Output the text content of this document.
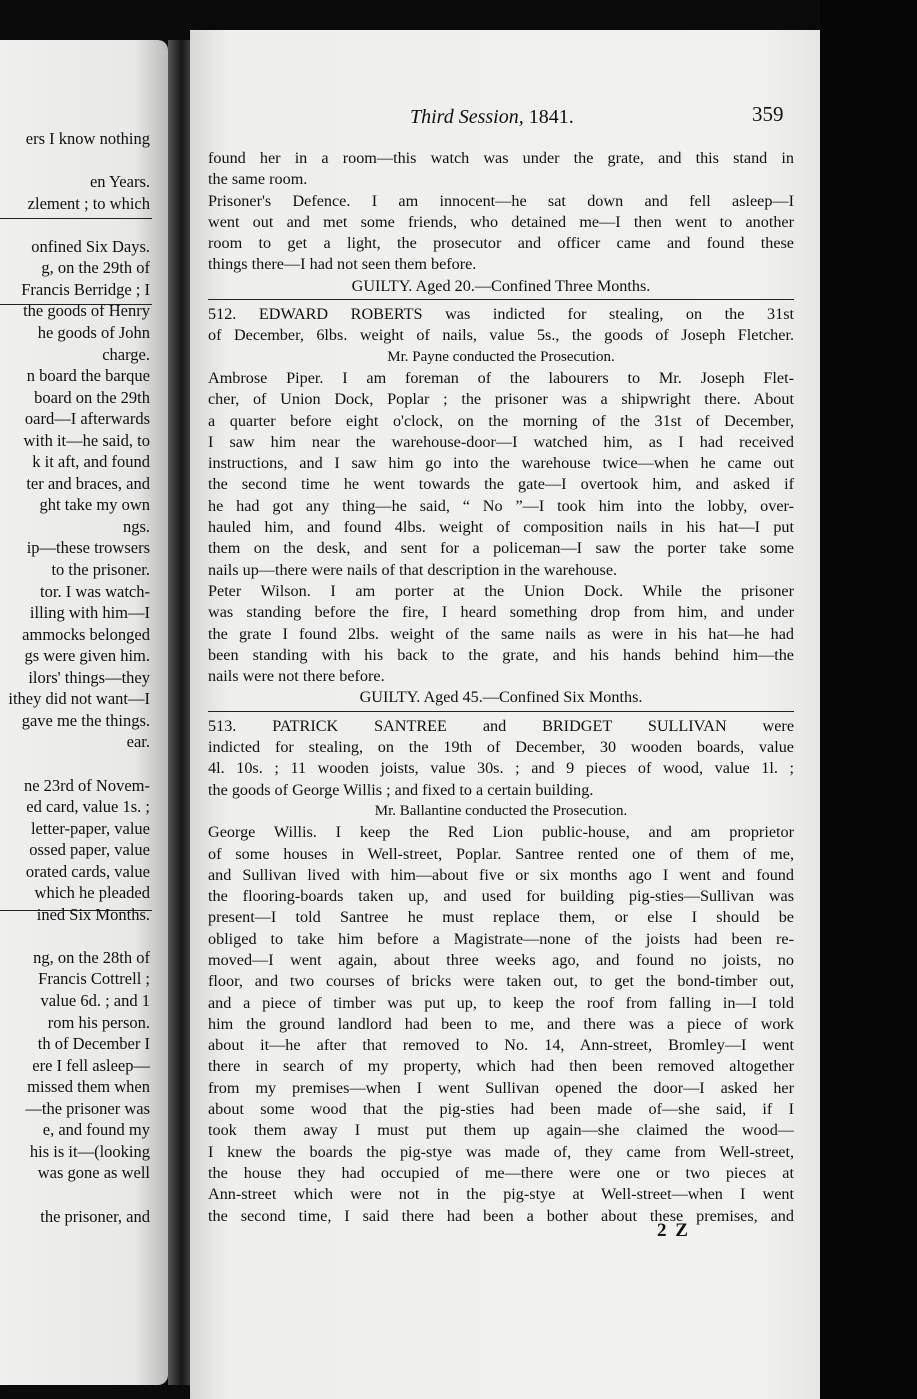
ers I know nothing
en Years.
zlement ; to which
onfined Six Days.
g, on the 29th of
Francis Berridge ; I
the goods of Henry
he goods of John
charge.
n board the barque
board on the 29th
oard—I afterwards
with it—he said, to
k it aft, and found
ter and braces, and
ght take my own
ngs.
ip—these trowsers
to the prisoner.
tor. I was watch-
illing with him—I
ammocks belonged
gs were given him.
ilors' things—they
ithey did not want—I
gave me the things.
ear.
ne 23rd of Novem-
ed card, value 1s. ;
letter-paper, value
ossed paper, value
orated cards, value
which he pleaded
ined Six Months.
ng, on the 28th of
Francis Cottrell ;
value 6d. ; and 1
rom his person.
th of December I
ere I fell asleep—
missed them when
—the prisoner was
e, and found my
his is it—(looking
was gone as well
the prisoner, and
Third Session, 1841.	359
found her in a room—this watch was under the grate, and this stand in
the same room.
Prisoner's Defence. I am innocent—he sat down and fell asleep—I
went out and met some friends, who detained me—I then went to another
room to get a light, the prosecutor and officer came and found these
things there—I had not seen them before.
GUILTY. Aged 20.—Confined Three Months.
512. EDWARD ROBERTS was indicted for stealing, on the 31st
of December, 6lbs. weight of nails, value 5s., the goods of Joseph Fletcher.
Mr. Payne conducted the Prosecution.
Ambrose Piper. I am foreman of the labourers to Mr. Joseph Flet-
cher, of Union Dock, Poplar ; the prisoner was a shipwright there. About
a quarter before eight o'clock, on the morning of the 31st of December,
I saw him near the warehouse-door—I watched him, as I had received
instructions, and I saw him go into the warehouse twice—when he came out
the second time he went towards the gate—I overtook him, and asked if
he had got any thing—he said, “ No ”—I took him into the lobby, over-
hauled him, and found 4lbs. weight of composition nails in his hat—I put
them on the desk, and sent for a policeman—I saw the porter take some
nails up—there were nails of that description in the warehouse.
Peter Wilson. I am porter at the Union Dock. While the prisoner
was standing before the fire, I heard something drop from him, and under
the grate I found 2lbs. weight of the same nails as were in his hat—he had
been standing with his back to the grate, and his hands behind him—the
nails were not there before.
GUILTY. Aged 45.—Confined Six Months.
513. PATRICK SANTREE and BRIDGET SULLIVAN were
indicted for stealing, on the 19th of December, 30 wooden boards, value
4l. 10s. ; 11 wooden joists, value 30s. ; and 9 pieces of wood, value 1l. ;
the goods of George Willis ; and fixed to a certain building.
Mr. Ballantine conducted the Prosecution.
George Willis. I keep the Red Lion public-house, and am proprietor
of some houses in Well-street, Poplar. Santree rented one of them of me,
and Sullivan lived with him—about five or six months ago I went and found
the flooring-boards taken up, and used for building pig-sties—Sullivan was
present—I told Santree he must replace them, or else I should be
obliged to take him before a Magistrate—none of the joists had been re-
moved—I went again, about three weeks ago, and found no joists, no
floor, and two courses of bricks were taken out, to get the bond-timber out,
and a piece of timber was put up, to keep the roof from falling in—I told
him the ground landlord had been to me, and there was a piece of work
about it—he after that removed to No. 14, Ann-street, Bromley—I went
there in search of my property, which had then been removed altogether
from my premises—when I went Sullivan opened the door—I asked her
about some wood that the pig-sties had been made of—she said, if I
took them away I must put them up again—she claimed the wood—
I knew the boards the pig-stye was made of, they came from Well-street,
the house they had occupied of me—there were one or two pieces at
Ann-street which were not in the pig-stye at Well-street—when I went
the second time, I said there had been a bother about these premises, and
2 Z
